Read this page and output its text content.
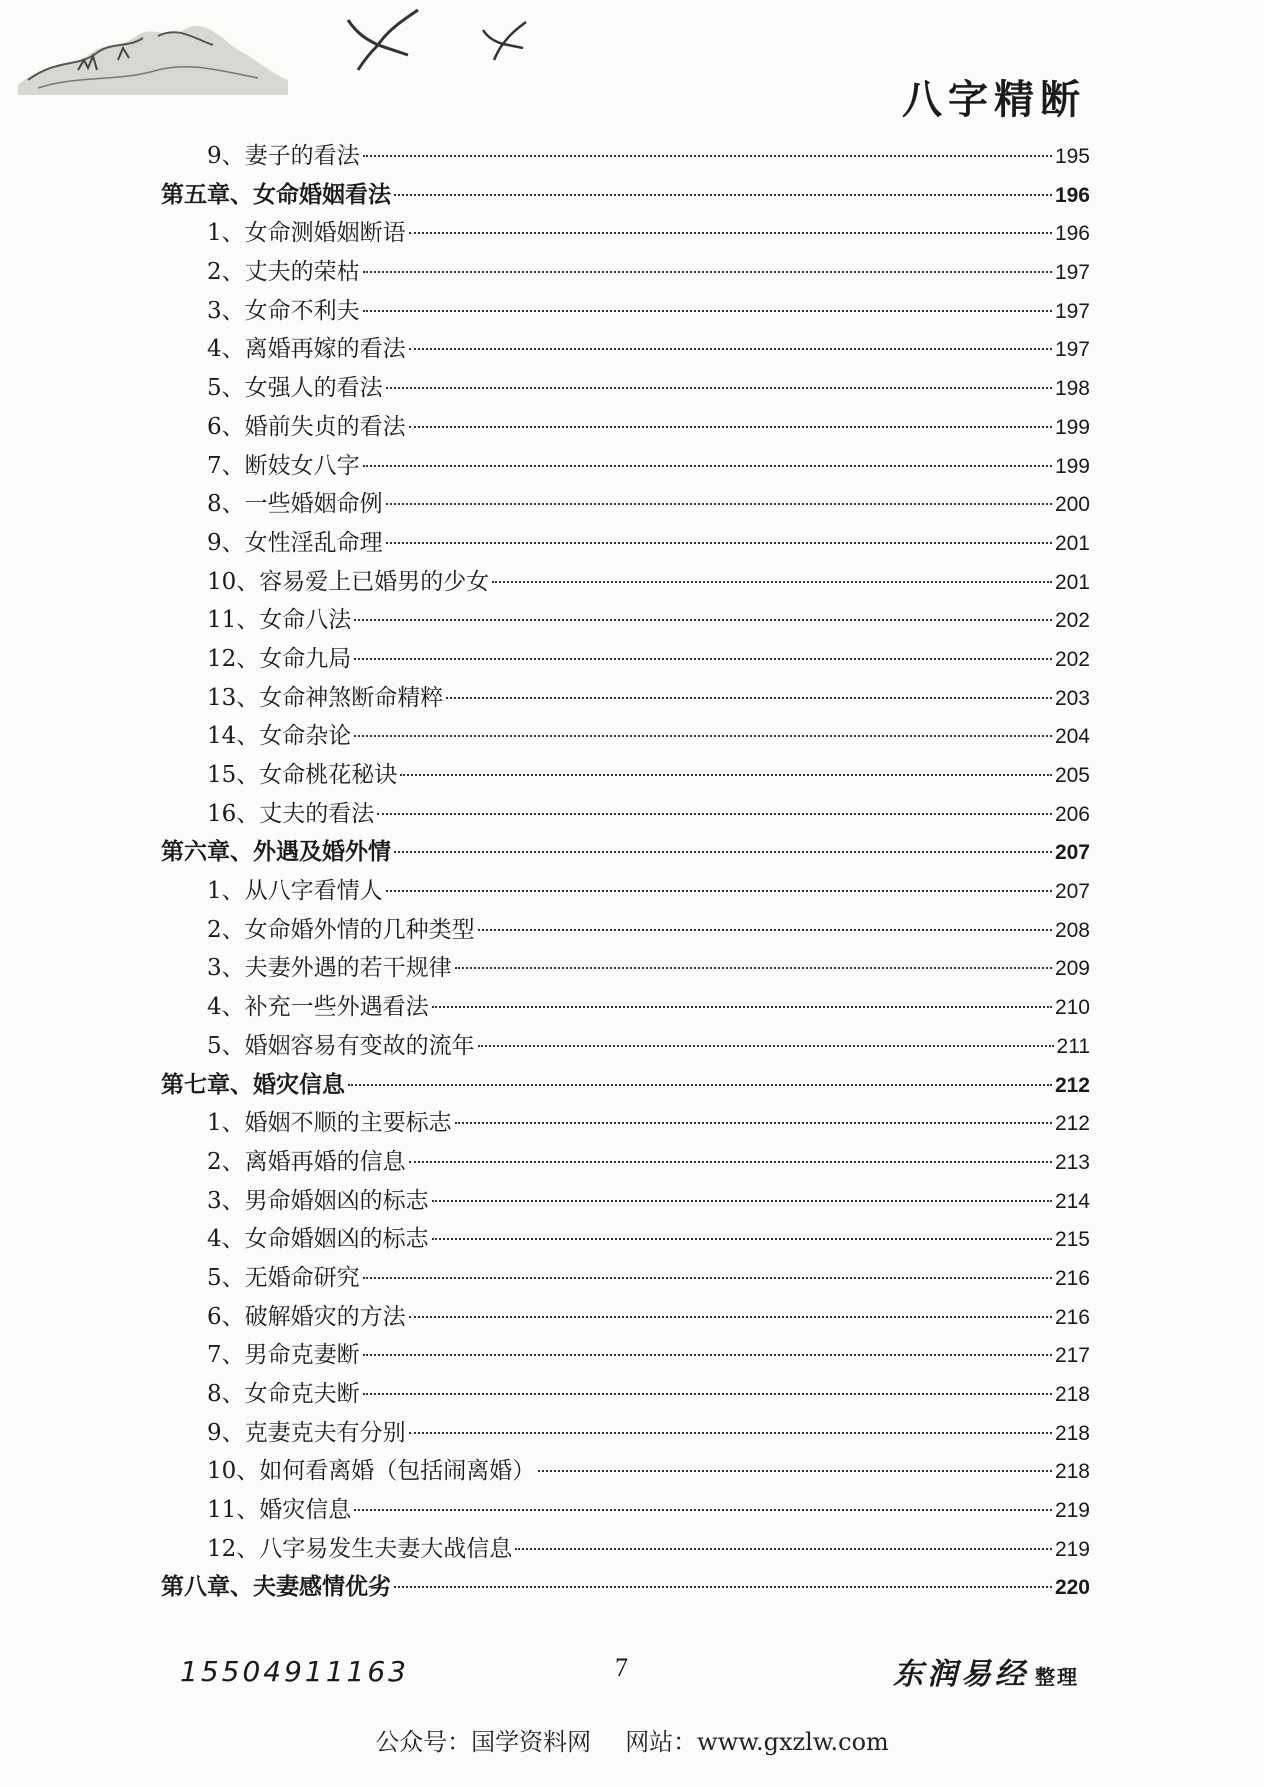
八字精断
9、妻子的看法	195
第五章、女命婚姻看法	196
1、女命测婚姻断语	196
2、丈夫的荣枯	197
3、女命不利夫	197
4、离婚再嫁的看法	197
5、女强人的看法	198
6、婚前失贞的看法	199
7、断妓女八字	199
8、一些婚姻命例	200
9、女性淫乱命理	201
10、容易爱上已婚男的少女	201
11、女命八法	202
12、女命九局	202
13、女命神煞断命精粹	203
14、女命杂论	204
15、女命桃花秘诀	205
16、丈夫的看法	206
第六章、外遇及婚外情	207
1、从八字看情人	207
2、女命婚外情的几种类型	208
3、夫妻外遇的若干规律	209
4、补充一些外遇看法	210
5、婚姻容易有变故的流年	211
第七章、婚灾信息	212
1、婚姻不顺的主要标志	212
2、离婚再婚的信息	213
3、男命婚姻凶的标志	214
4、女命婚姻凶的标志	215
5、无婚命研究	216
6、破解婚灾的方法	216
7、男命克妻断	217
8、女命克夫断	218
9、克妻克夫有分别	218
10、如何看离婚（包括闹离婚）	218
11、婚灾信息	219
12、八字易发生夫妻大战信息	219
第八章、夫妻感情优劣	220
15504911163	7	东润易经 整理
公众号：国学资料网 网站：www.gxzlw.com
